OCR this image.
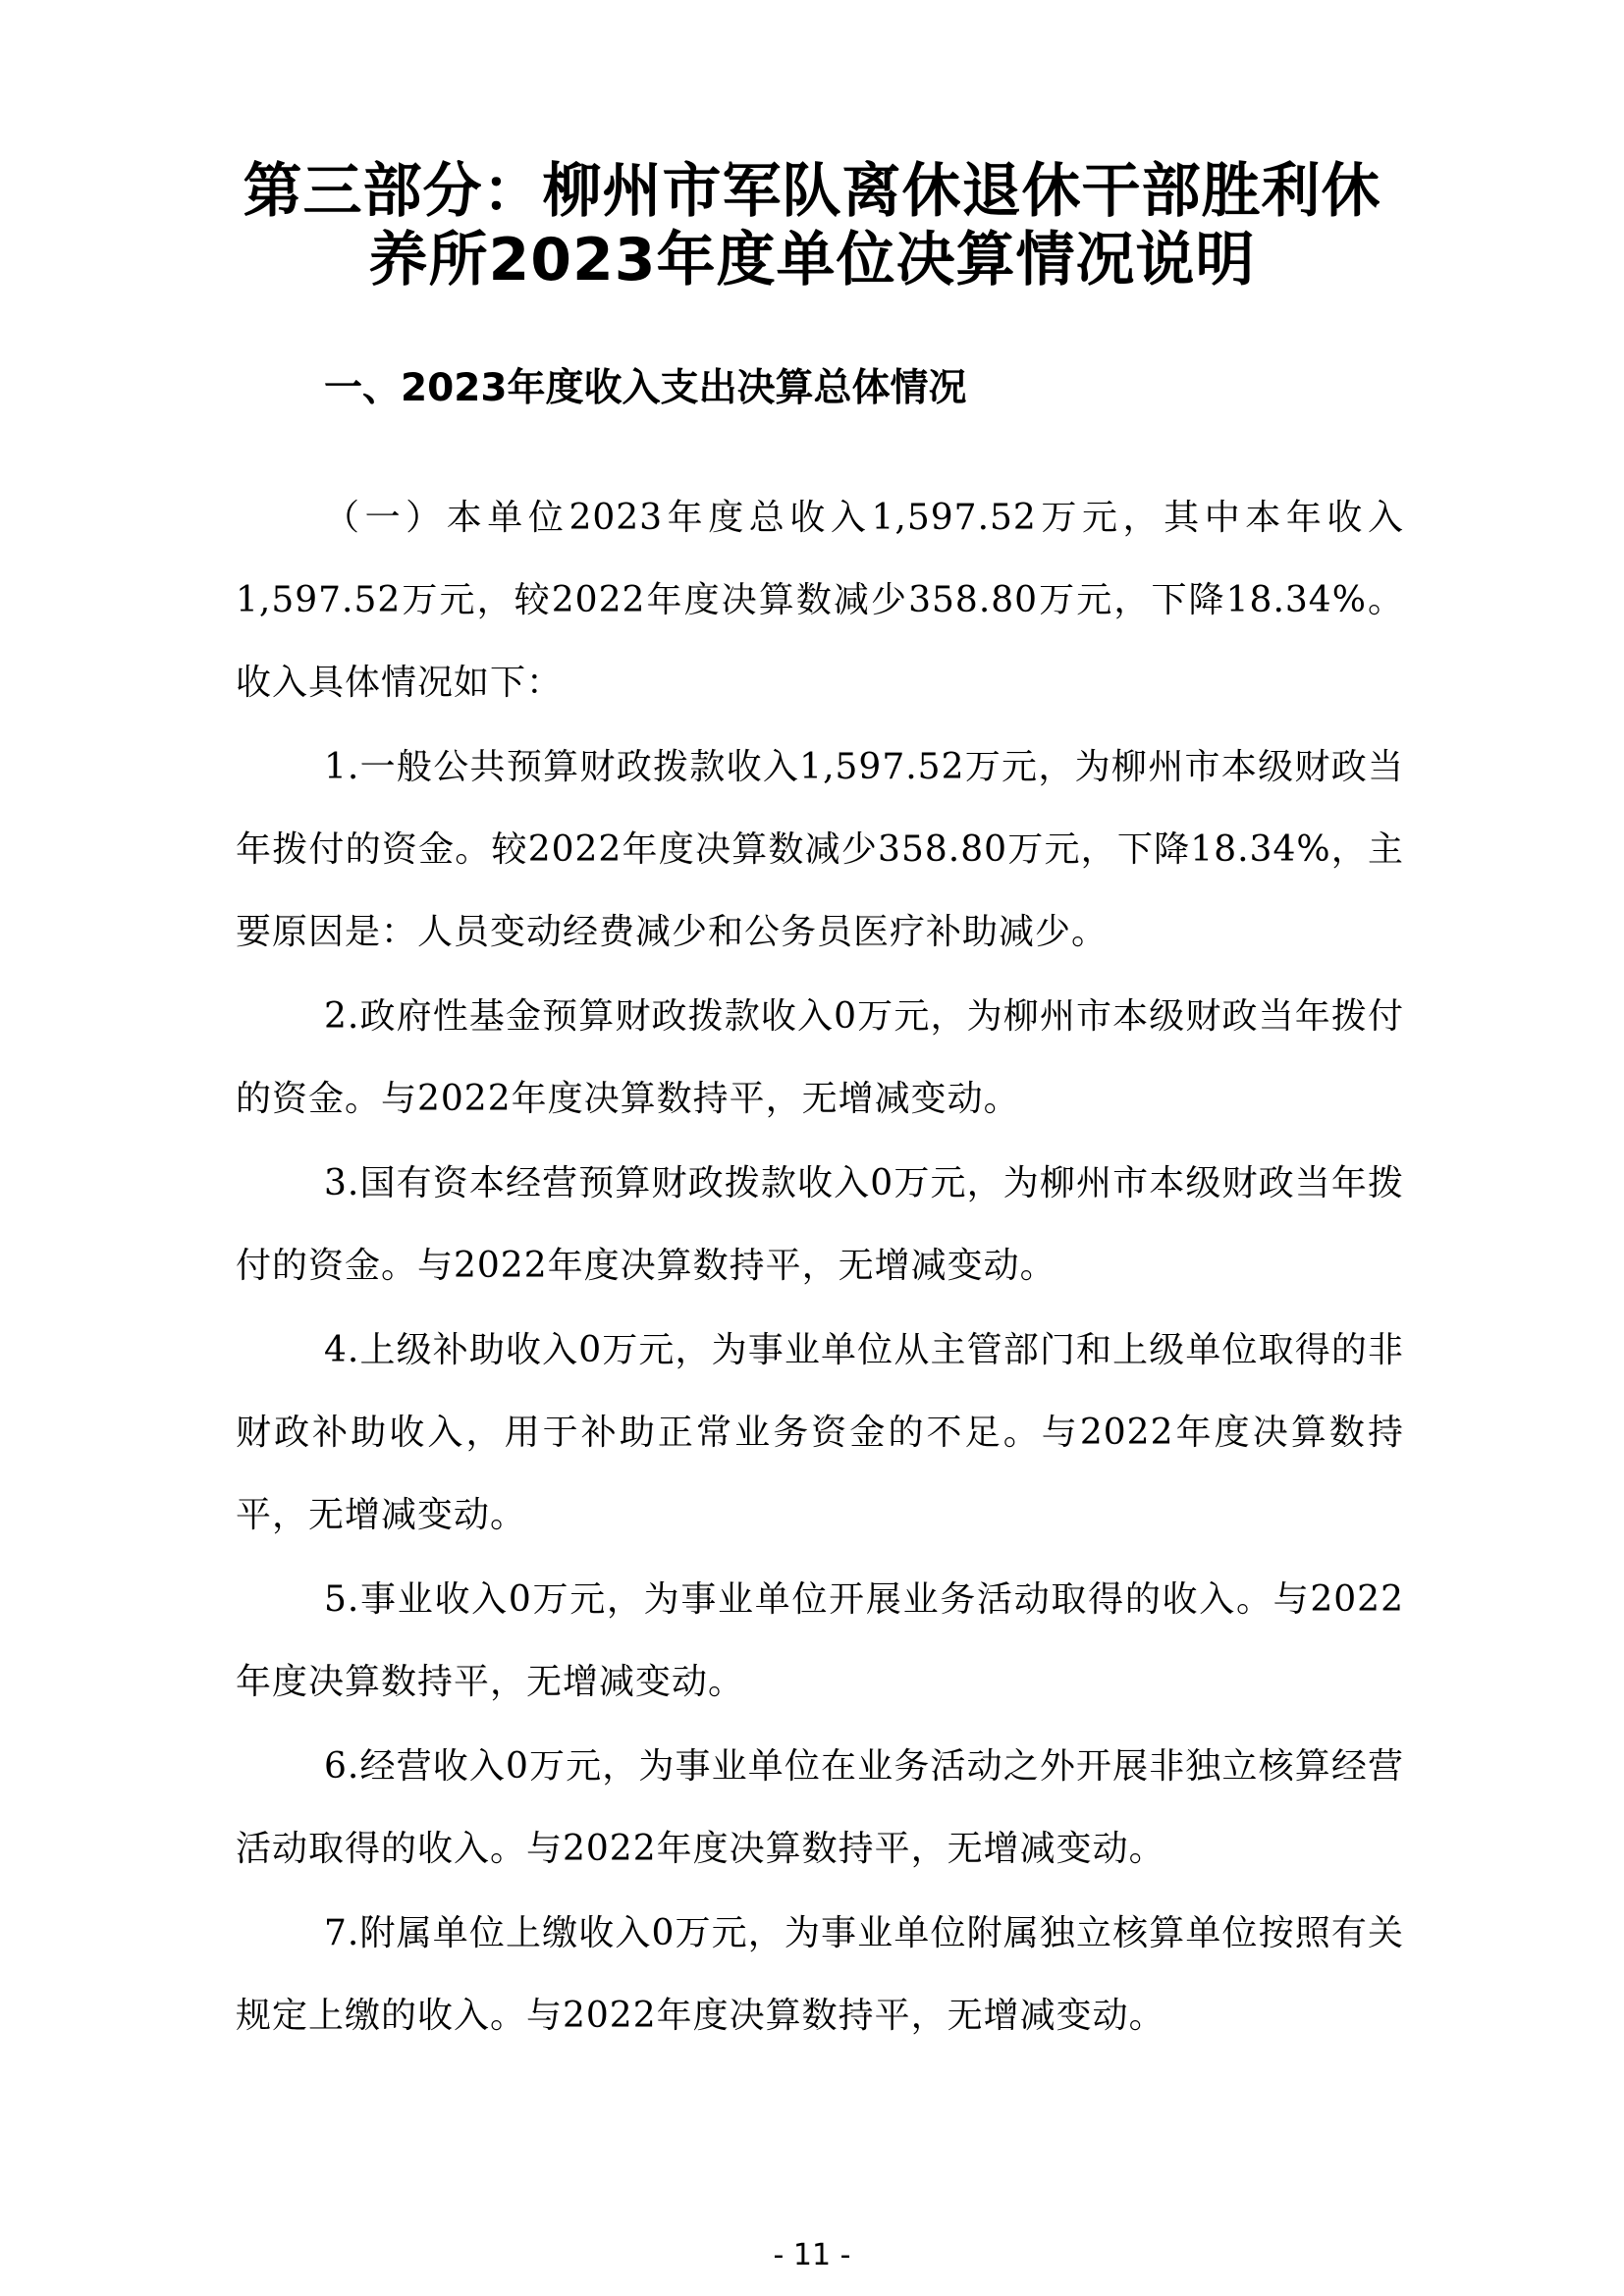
第三部分：柳州市军队离休退休干部胜利休
养所2023年度单位决算情况说明
一、2023年度收入支出决算总体情况

（一）本单位2023年度总收入1,597.52万元，其中本年收入1,597.52万元，较2022年度决算数减少358.80万元，下降18.34%。收入具体情况如下：

1.一般公共预算财政拨款收入1,597.52万元，为柳州市本级财政当年拨付的资金。较2022年度决算数减少358.80万元，下降18.34%，主要原因是：人员变动经费减少和公务员医疗补助减少。

2.政府性基金预算财政拨款收入0万元，为柳州市本级财政当年拨付的资金。与2022年度决算数持平，无增减变动。

3.国有资本经营预算财政拨款收入0万元，为柳州市本级财政当年拨付的资金。与2022年度决算数持平，无增减变动。

4.上级补助收入0万元，为事业单位从主管部门和上级单位取得的非财政补助收入，用于补助正常业务资金的不足。与2022年度决算数持平，无增减变动。

5.事业收入0万元，为事业单位开展业务活动取得的收入。与2022年度决算数持平，无增减变动。

6.经营收入0万元，为事业单位在业务活动之外开展非独立核算经营活动取得的收入。与2022年度决算数持平，无增减变动。

7.附属单位上缴收入0万元，为事业单位附属独立核算单位按照有关规定上缴的收入。与2022年度决算数持平，无增减变动。

- 11 -
